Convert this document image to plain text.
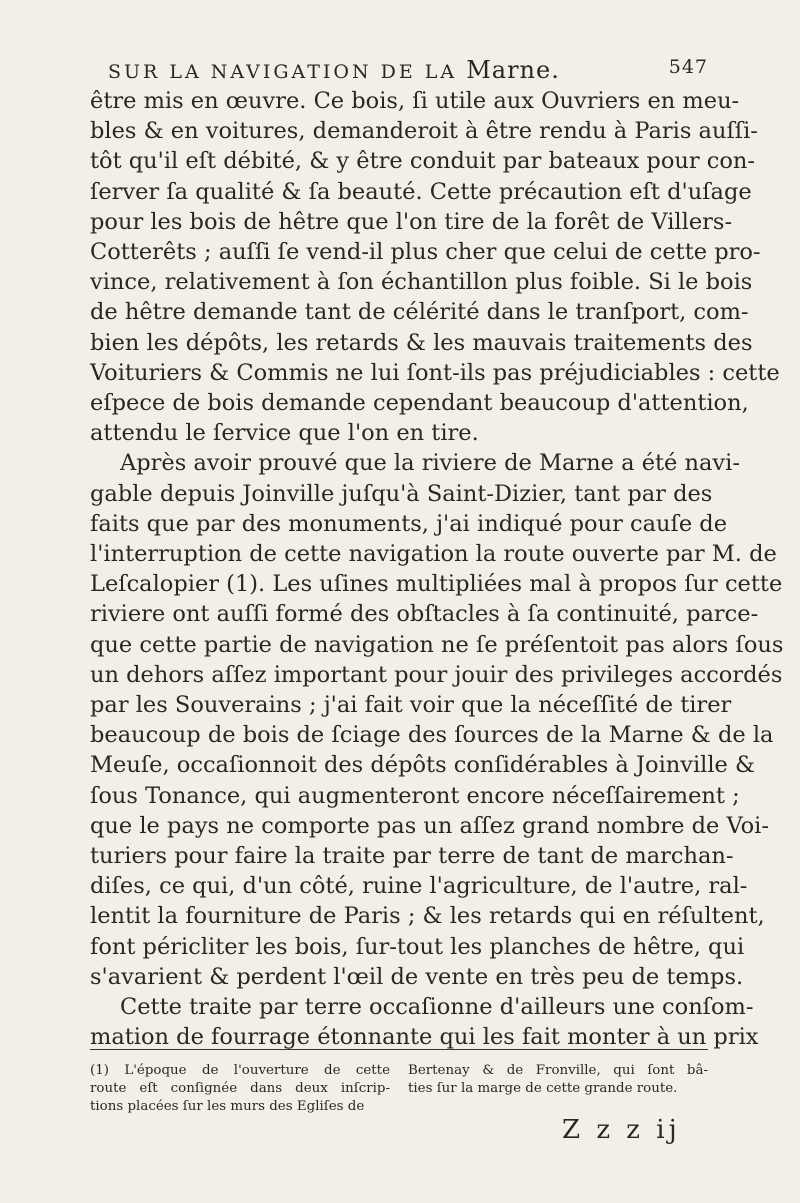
SUR LA NAVIGATION DE LA Marne.	547
être mis en œuvre. Ce bois, ſi utile aux Ouvriers en meu-
bles & en voitures, demanderoit à être rendu à Paris auſſi-
tôt qu'il eſt débité, & y être conduit par bateaux pour con-
ſerver ſa qualité & ſa beauté. Cette précaution eſt d'uſage
pour les bois de hêtre que l'on tire de la forêt de Villers-
Cotterêts ; auſſi ſe vend-il plus cher que celui de cette pro-
vince, relativement à ſon échantillon plus foible. Si le bois
de hêtre demande tant de célérité dans le tranſport, com-
bien les dépôts, les retards & les mauvais traitements des
Voituriers & Commis ne lui ſont-ils pas préjudiciables : cette
eſpece de bois demande cependant beaucoup d'attention,
attendu le ſervice que l'on en tire.
Après avoir prouvé que la riviere de Marne a été navi-
gable depuis Joinville juſqu'à Saint-Dizier, tant par des
faits que par des monuments, j'ai indiqué pour cauſe de
l'interruption de cette navigation la route ouverte par M. de
Leſcalopier (1). Les uſines multipliées mal à propos ſur cette
riviere ont auſſi formé des obſtacles à ſa continuité, parce-
que cette partie de navigation ne ſe préſentoit pas alors ſous
un dehors aſſez important pour jouir des privileges accordés
par les Souverains ; j'ai fait voir que la néceſſité de tirer
beaucoup de bois de ſciage des ſources de la Marne & de la
Meuſe, occaſionnoit des dépôts conſidérables à Joinville &
ſous Tonance, qui augmenteront encore néceſſairement ;
que le pays ne comporte pas un aſſez grand nombre de Voi-
turiers pour faire la traite par terre de tant de marchan-
diſes, ce qui, d'un côté, ruine l'agriculture, de l'autre, ral-
lentit la fourniture de Paris ; & les retards qui en réſultent,
font péricliter les bois, ſur-tout les planches de hêtre, qui
s'avarient & perdent l'œil de vente en très peu de temps.
Cette traite par terre occaſionne d'ailleurs une conſom-
mation de fourrage étonnante qui les fait monter à un prix
(1) L'époque de l'ouverture de cette
route eſt conſignée dans deux inſcrip-
tions placées ſur les murs des Egliſes de
Bertenay & de Fronville, qui ſont bâ-
ties ſur la marge de cette grande route.
Z z z ij
